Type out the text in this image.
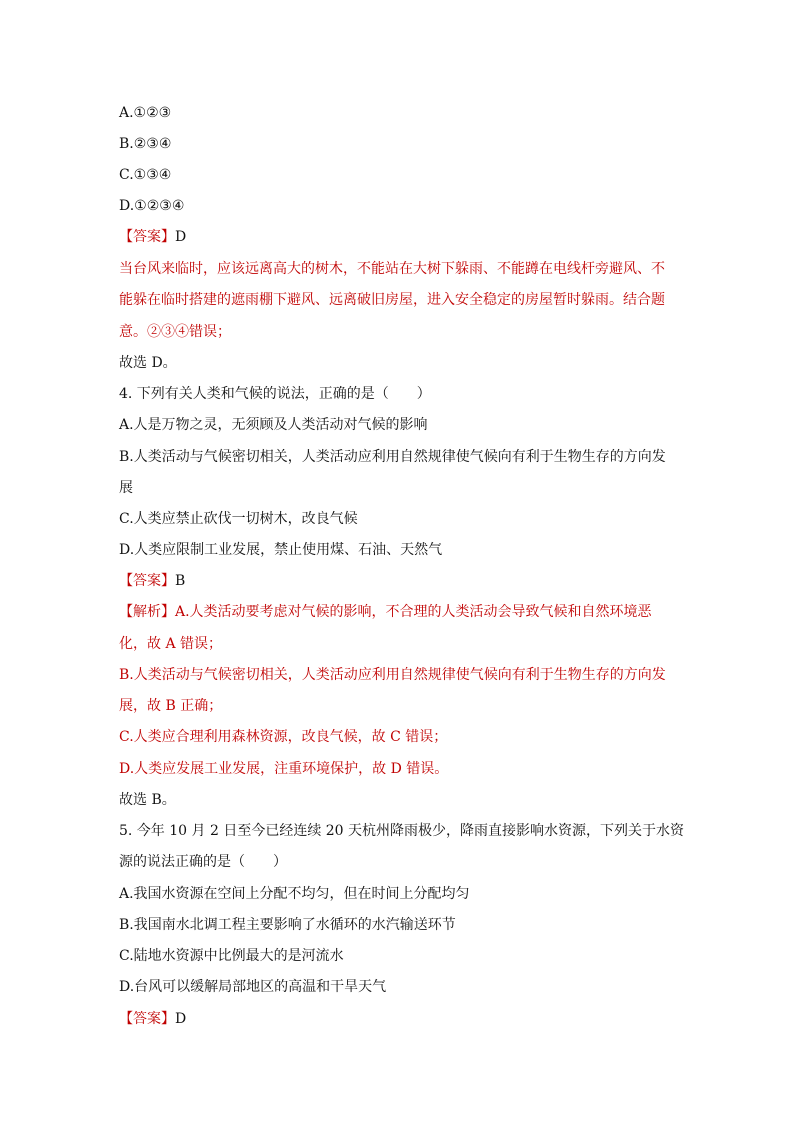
A.①②③
B.②③④
C.①③④
D.①②③④
【答案】D
当台风来临时，应该远离高大的树木，不能站在大树下躲雨、不能蹲在电线杆旁避风、不
能躲在临时搭建的遮雨棚下避风、远离破旧房屋，进入安全稳定的房屋暂时躲雨。结合题
意。②③④错误；
故选 D。
4. 下列有关人类和气候的说法，正确的是（　　）
A.人是万物之灵，无须顾及人类活动对气候的影响
B.人类活动与气候密切相关，人类活动应利用自然规律使气候向有利于生物生存的方向发
展
C.人类应禁止砍伐一切树木，改良气候
D.人类应限制工业发展，禁止使用煤、石油、天然气
【答案】B
【解析】A.人类活动要考虑对气候的影响，不合理的人类活动会导致气候和自然环境恶
化，故 A 错误；
B.人类活动与气候密切相关，人类活动应利用自然规律使气候向有利于生物生存的方向发
展，故 B 正确；
C.人类应合理利用森林资源，改良气候，故 C 错误；
D.人类应发展工业发展，注重环境保护，故 D 错误。
故选 B。
5. 今年 10 月 2 日至今已经连续 20 天杭州降雨极少，降雨直接影响水资源，下列关于水资
源的说法正确的是（　　）
A.我国水资源在空间上分配不均匀，但在时间上分配均匀
B.我国南水北调工程主要影响了水循环的水汽输送环节
C.陆地水资源中比例最大的是河流水
D.台风可以缓解局部地区的高温和干旱天气
【答案】D
